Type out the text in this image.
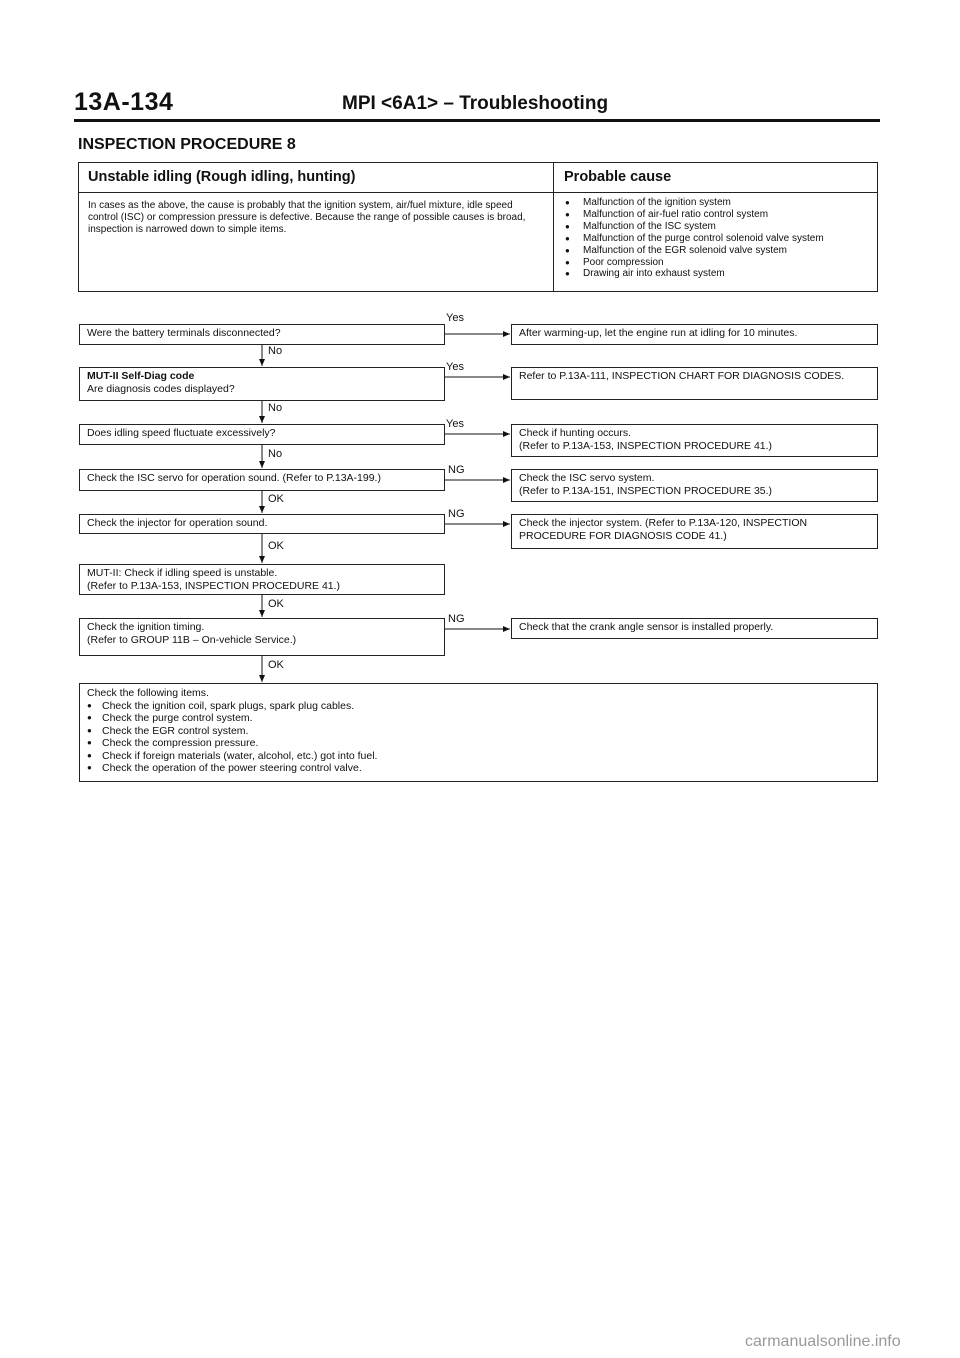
13A-134	MPI <6A1> – Troubleshooting
INSPECTION PROCEDURE 8
Unstable idling (Rough idling, hunting)	Probable cause
In cases as the above, the cause is probably that the ignition system, air/fuel mixture, idle speed control (ISC) or compression pressure is defective. Because the range of possible causes is broad, inspection is narrowed down to simple items.
● Malfunction of the ignition system
● Malfunction of air-fuel ratio control system
● Malfunction of the ISC system
● Malfunction of the purge control solenoid valve system
● Malfunction of the EGR solenoid valve system
● Poor compression
● Drawing air into exhaust system
Were the battery terminals disconnected?
MUT-II Self-Diag code
Are diagnosis codes displayed?
Does idling speed fluctuate excessively?
Check the ISC servo for operation sound. (Refer to P.13A-199.)
Check the injector for operation sound.
MUT-II: Check if idling speed is unstable.
(Refer to P.13A-153, INSPECTION PROCEDURE 41.)
Check the ignition timing.
(Refer to GROUP 11B – On-vehicle Service.)
Check the following items.
● Check the ignition coil, spark plugs, spark plug cables.
● Check the purge control system.
● Check the EGR control system.
● Check the compression pressure.
● Check if foreign materials (water, alcohol, etc.) got into fuel.
● Check the operation of the power steering control valve.
After warming-up, let the engine run at idling for 10 minutes.
Refer to P.13A-111, INSPECTION CHART FOR DIAGNOSIS CODES.
Check if hunting occurs.
(Refer to P.13A-153, INSPECTION PROCEDURE 41.)
Check the ISC servo system.
(Refer to P.13A-151, INSPECTION PROCEDURE 35.)
Check the injector system. (Refer to P.13A-120, INSPECTION PROCEDURE FOR DIAGNOSIS CODE 41.)
Check that the crank angle sensor is installed properly.
Yes
No
Yes
No
Yes
No
NG
OK
NG
OK
OK
NG
OK
carmanualsonline.info
